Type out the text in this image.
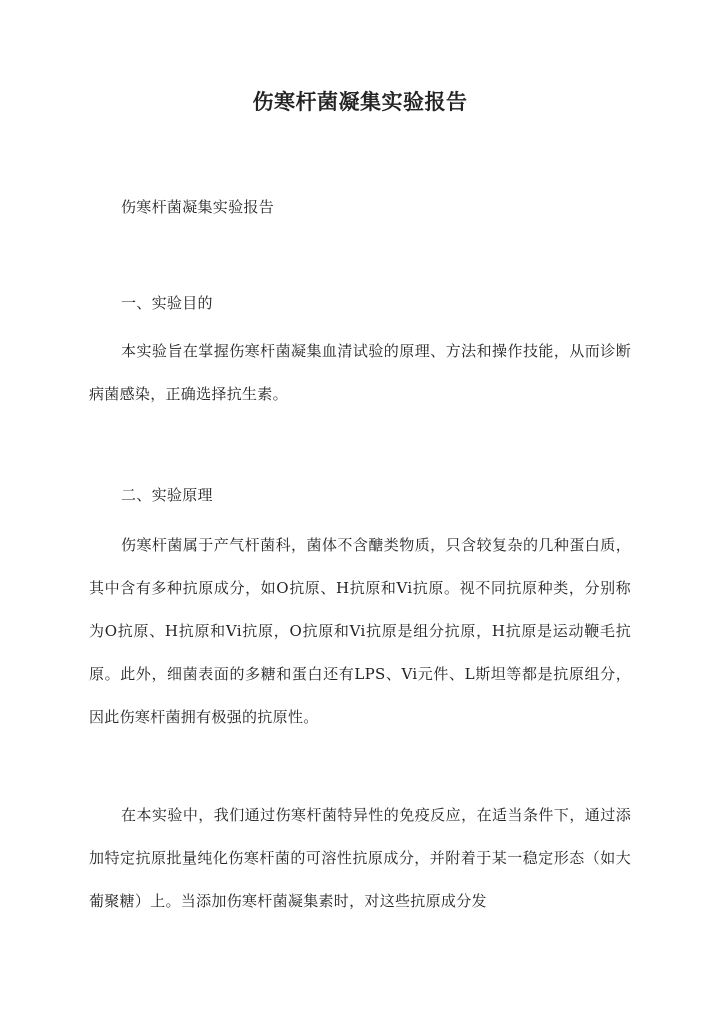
伤寒杆菌凝集实验报告

伤寒杆菌凝集实验报告

一、实验目的

本实验旨在掌握伤寒杆菌凝集血清试验的原理、方法和操作技能，从而诊断病菌感染，正确选择抗生素。

二、实验原理

伤寒杆菌属于产气杆菌科，菌体不含醣类物质，只含较复杂的几种蛋白质，其中含有多种抗原成分，如O抗原、H抗原和Vi抗原。视不同抗原种类，分别称为O抗原、H抗原和Vi抗原，O抗原和Vi抗原是组分抗原，H抗原是运动鞭毛抗原。此外，细菌表面的多糖和蛋白还有LPS、Vi元件、L斯坦等都是抗原组分，因此伤寒杆菌拥有极强的抗原性。

在本实验中，我们通过伤寒杆菌特异性的免疫反应，在适当条件下，通过添加特定抗原批量纯化伤寒杆菌的可溶性抗原成分，并附着于某一稳定形态（如大葡聚糖）上。当添加伤寒杆菌凝集素时，对这些抗原成分发
